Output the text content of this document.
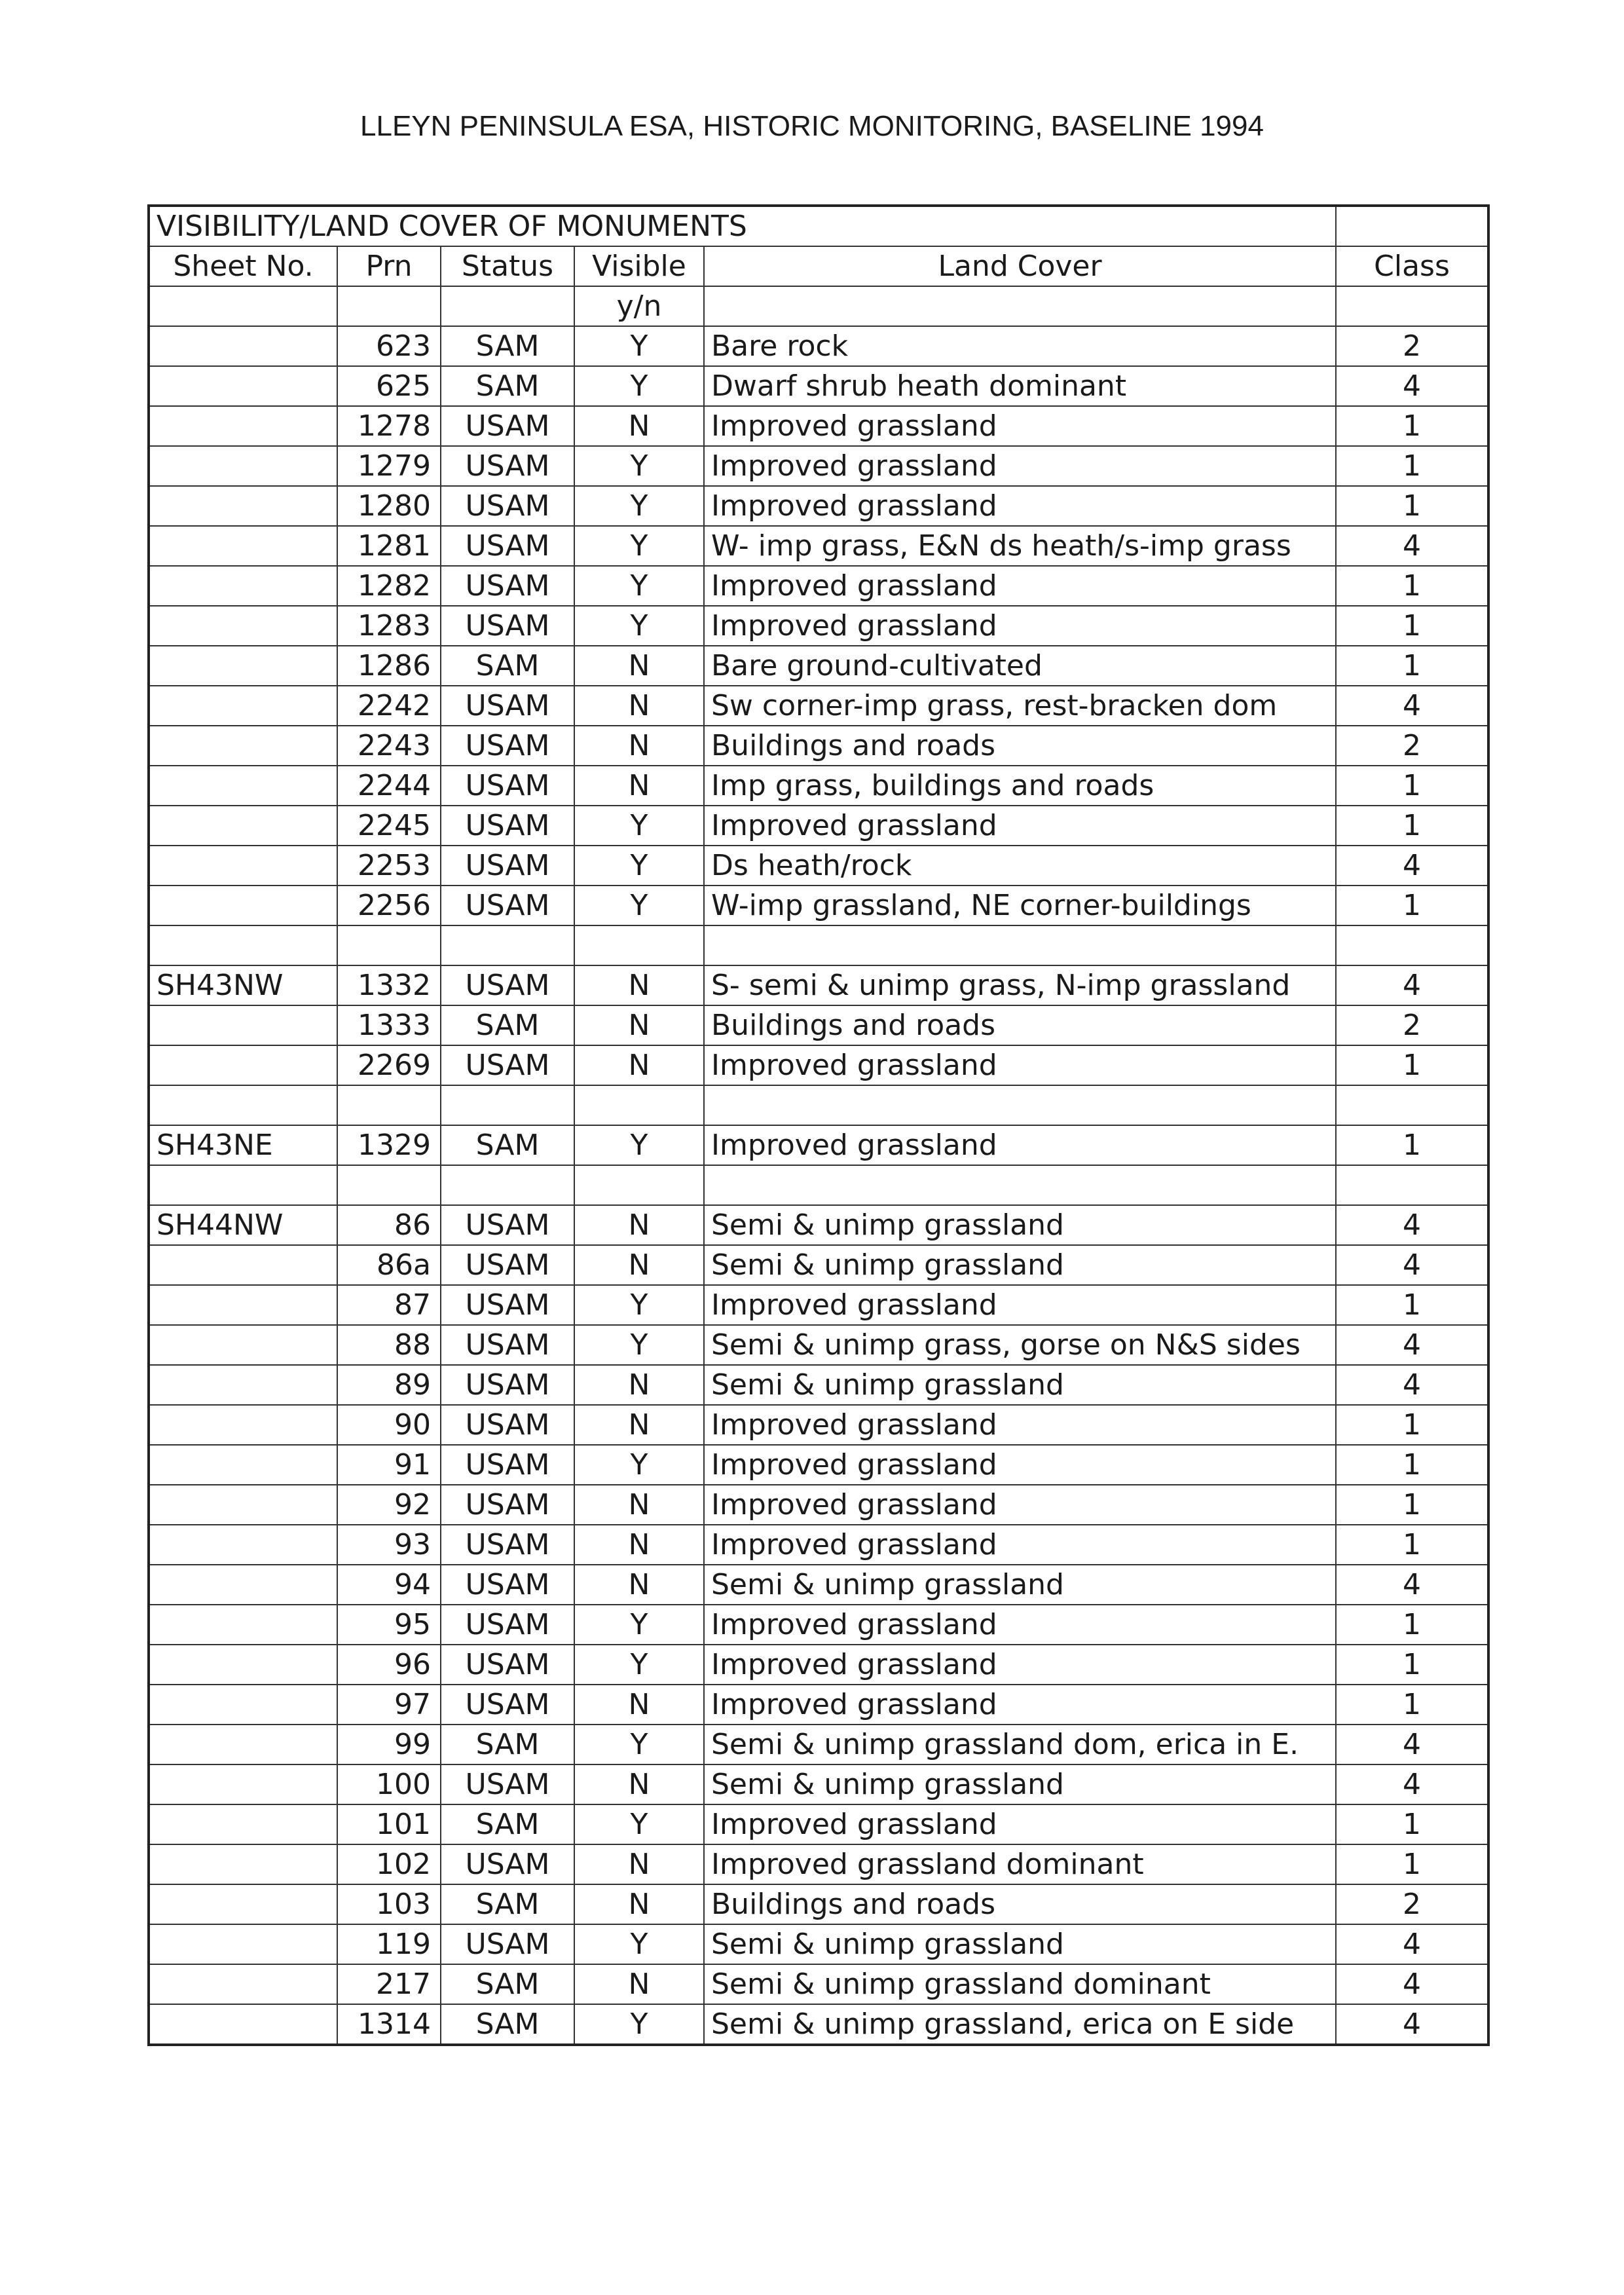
LLEYN PENINSULA ESA, HISTORIC MONITORING, BASELINE 1994
VISIBILITY/LAND COVER OF MONUMENTS					
Sheet No.	Prn	Status	Visible	Land Cover	Class
			y/n		
	623	SAM	Y	Bare rock	2
	625	SAM	Y	Dwarf shrub heath dominant	4
	1278	USAM	N	Improved grassland	1
	1279	USAM	Y	Improved grassland	1
	1280	USAM	Y	Improved grassland	1
	1281	USAM	Y	W- imp grass, E&N ds heath/s-imp grass	4
	1282	USAM	Y	Improved grassland	1
	1283	USAM	Y	Improved grassland	1
	1286	SAM	N	Bare ground-cultivated	1
	2242	USAM	N	Sw corner-imp grass, rest-bracken dom	4
	2243	USAM	N	Buildings and roads	2
	2244	USAM	N	Imp grass, buildings and roads	1
	2245	USAM	Y	Improved grassland	1
	2253	USAM	Y	Ds heath/rock	4
	2256	USAM	Y	W-imp grassland, NE corner-buildings	1

SH43NW	1332	USAM	N	S- semi & unimp grass, N-imp grassland	4
	1333	SAM	N	Buildings and roads	2
	2269	USAM	N	Improved grassland	1

SH43NE	1329	SAM	Y	Improved grassland	1

SH44NW	86	USAM	N	Semi & unimp grassland	4
	86a	USAM	N	Semi & unimp grassland	4
	87	USAM	Y	Improved grassland	1
	88	USAM	Y	Semi & unimp grass, gorse on N&S sides	4
	89	USAM	N	Semi & unimp grassland	4
	90	USAM	N	Improved grassland	1
	91	USAM	Y	Improved grassland	1
	92	USAM	N	Improved grassland	1
	93	USAM	N	Improved grassland	1
	94	USAM	N	Semi & unimp grassland	4
	95	USAM	Y	Improved grassland	1
	96	USAM	Y	Improved grassland	1
	97	USAM	N	Improved grassland	1
	99	SAM	Y	Semi & unimp grassland dom, erica in E.	4
	100	USAM	N	Semi & unimp grassland	4
	101	SAM	Y	Improved grassland	1
	102	USAM	N	Improved grassland dominant	1
	103	SAM	N	Buildings and roads	2
	119	USAM	Y	Semi & unimp grassland	4
	217	SAM	N	Semi & unimp grassland dominant	4
	1314	SAM	Y	Semi & unimp grassland, erica on E side	4
